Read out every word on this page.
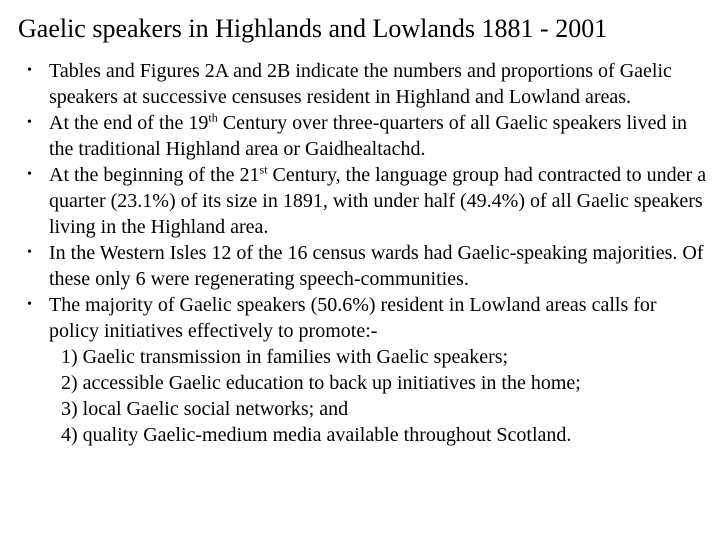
Gaelic speakers in Highlands and Lowlands 1881 - 2001
• Tables and Figures 2A and 2B indicate the numbers and proportions of Gaelic speakers at successive censuses resident in Highland and Lowland areas.
• At the end of the 19th Century over three-quarters of all Gaelic speakers lived in the traditional Highland area or Gaidhealtachd.
• At the beginning of the 21st Century, the language group had contracted to under a quarter (23.1%) of its size in 1891, with under half (49.4%) of all Gaelic speakers living in the Highland area.
• In the Western Isles 12 of the 16 census wards had Gaelic-speaking majorities. Of these only 6 were regenerating speech-communities.
• The majority of Gaelic speakers (50.6%) resident in Lowland areas calls for policy initiatives effectively to promote:-
1) Gaelic transmission in families with Gaelic speakers;
2) accessible Gaelic education to back up initiatives in the home;
3) local Gaelic social networks; and
4) quality Gaelic-medium media available throughout Scotland.
